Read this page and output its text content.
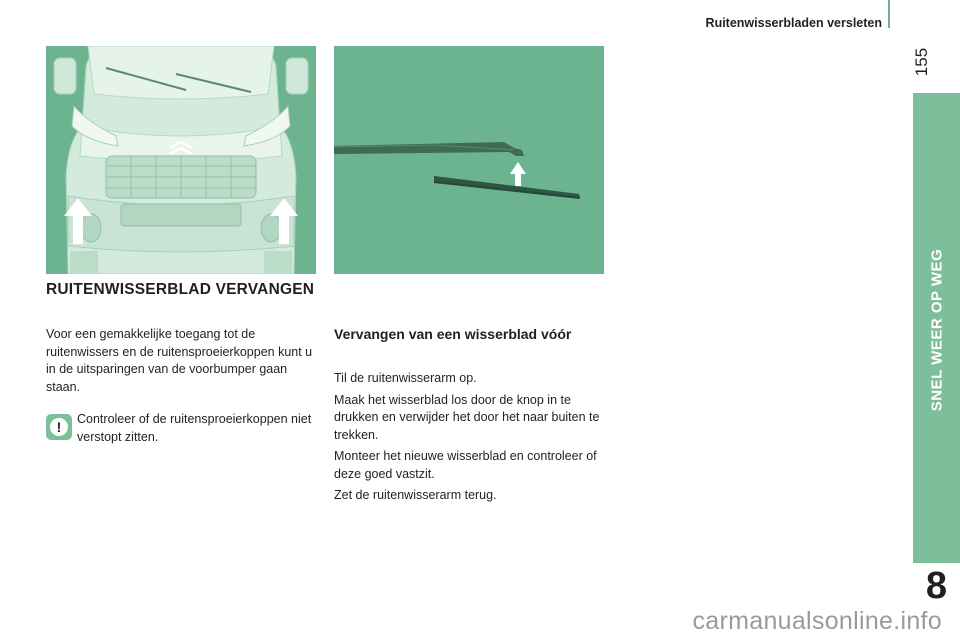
Ruitenwisserbladen versleten
155
SNEL WEER OP WEG
8
RUITENWISSERBLAD VERVANGEN
Voor een gemakkelijke toegang tot de ruitenwissers en de ruitensproeierkoppen kunt u in de uitsparingen van de voorbumper gaan staan.
!	Controleer of de ruitensproeierkoppen niet verstopt zitten.
Vervangen van een wisserblad vóór
Til de ruitenwisserarm op.
Maak het wisserblad los door de knop in te drukken en verwijder het door het naar buiten te trekken.
Monteer het nieuwe wisserblad en controleer of deze goed vastzit.
Zet de ruitenwisserarm terug.
carmanualsonline.info
